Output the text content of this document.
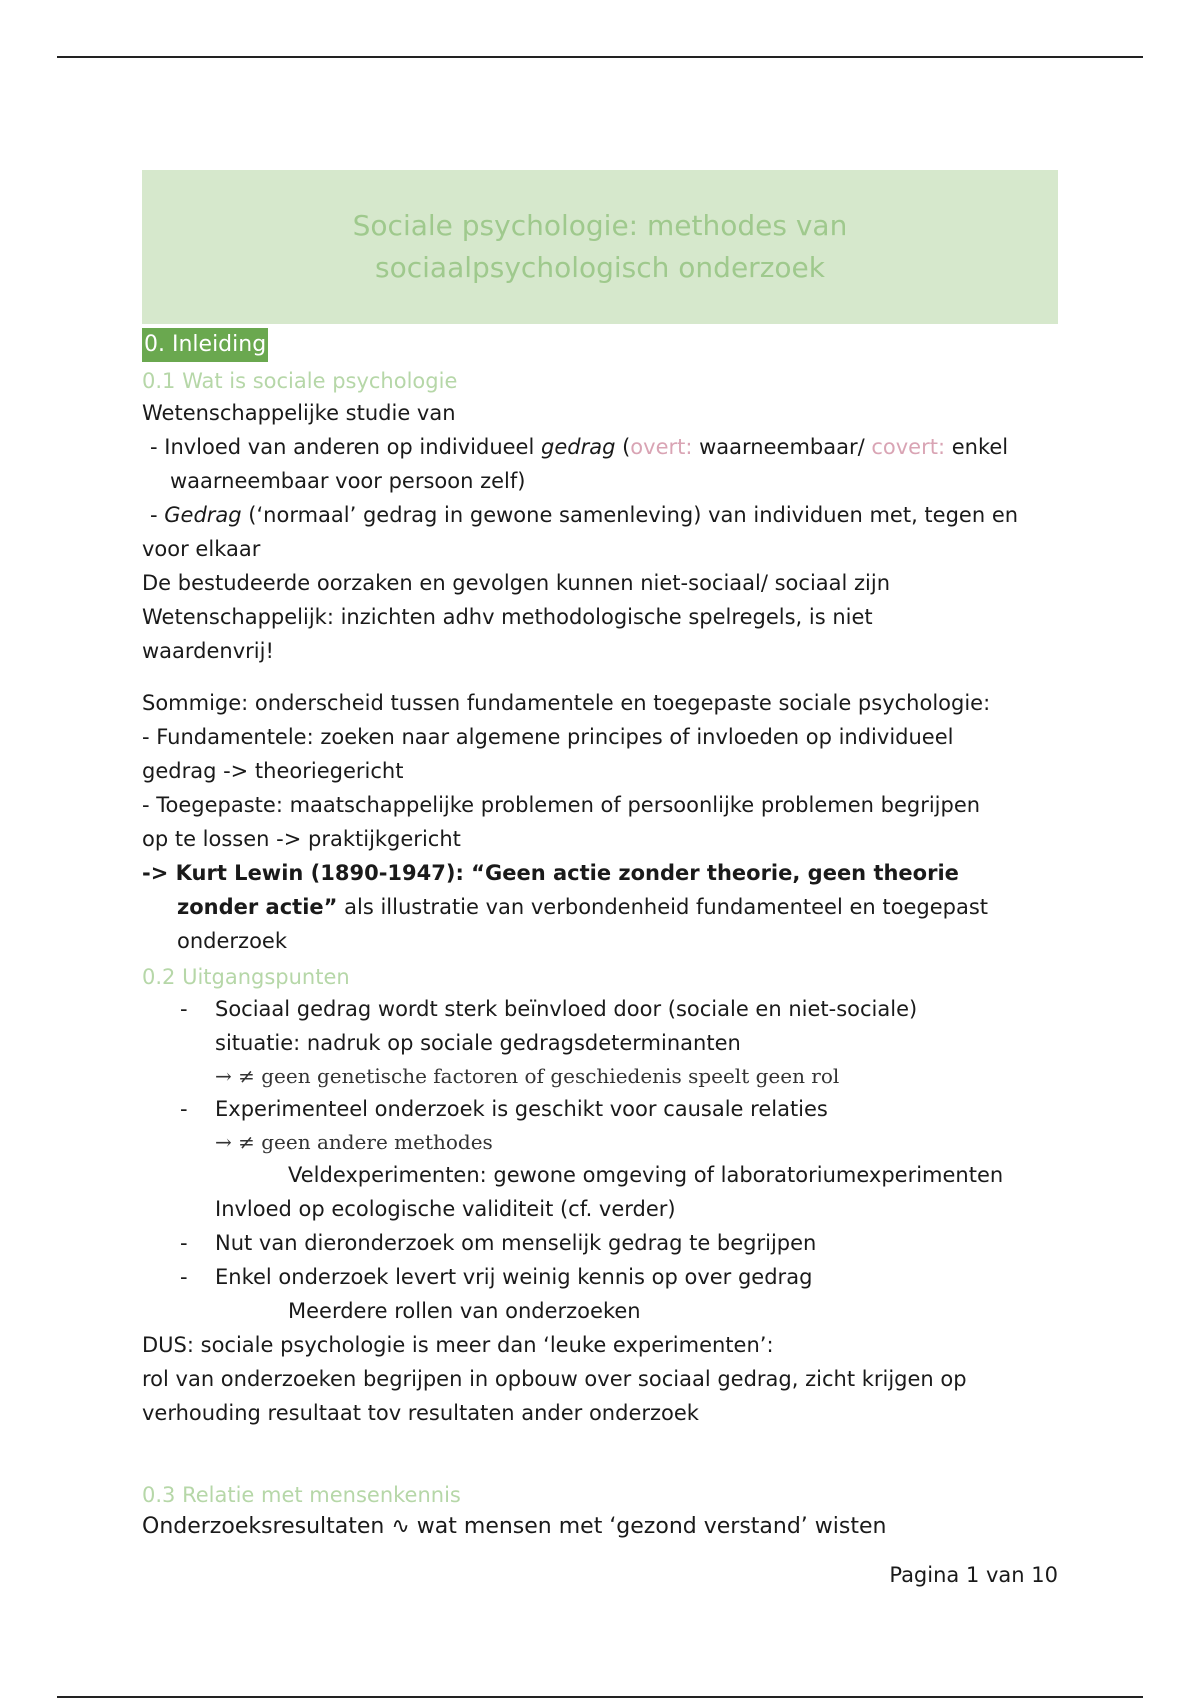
Sociale psychologie: methodes van sociaalpsychologisch onderzoek
0. Inleiding
0.1 Wat is sociale psychologie

Wetenschappelijke studie van

- Invloed van anderen op individueel gedrag (overt: waarneembaar/ covert: enkel

waarneembaar voor persoon zelf)

- Gedrag (‘normaal’ gedrag in gewone samenleving) van individuen met, tegen en

voor elkaar

De bestudeerde oorzaken en gevolgen kunnen niet-sociaal/ sociaal zijn

Wetenschappelijk: inzichten adhv methodologische spelregels, is niet

waardenvrij!

Sommige: onderscheid tussen fundamentele en toegepaste sociale psychologie:

- Fundamentele: zoeken naar algemene principes of invloeden op individueel

gedrag -> theoriegericht

- Toegepaste: maatschappelijke problemen of persoonlijke problemen begrijpen

op te lossen -> praktijkgericht

-> Kurt Lewin (1890-1947): “Geen actie zonder theorie, geen theorie

zonder actie” als illustratie van verbondenheid fundamenteel en toegepast

onderzoek

0.2 Uitgangspunten
- Sociaal gedrag wordt sterk beïnvloed door (sociale en niet-sociale)
situatie: nadruk op sociale gedragsdeterminanten
→ ≠ geen genetische factoren of geschiedenis speelt geen rol
- Experimenteel onderzoek is geschikt voor causale relaties
→ ≠ geen andere methodes
Veldexperimenten: gewone omgeving of laboratoriumexperimenten
Invloed op ecologische validiteit (cf. verder)
- Nut van dieronderzoek om menselijk gedrag te begrijpen
- Enkel onderzoek levert vrij weinig kennis op over gedrag
Meerdere rollen van onderzoeken

DUS: sociale psychologie is meer dan ‘leuke experimenten’:

rol van onderzoeken begrijpen in opbouw over sociaal gedrag, zicht krijgen op

verhouding resultaat tov resultaten ander onderzoek

0.3 Relatie met mensenkennis

Onderzoeksresultaten ∿ wat mensen met ‘gezond verstand’ wisten

Pagina 1 van 10
